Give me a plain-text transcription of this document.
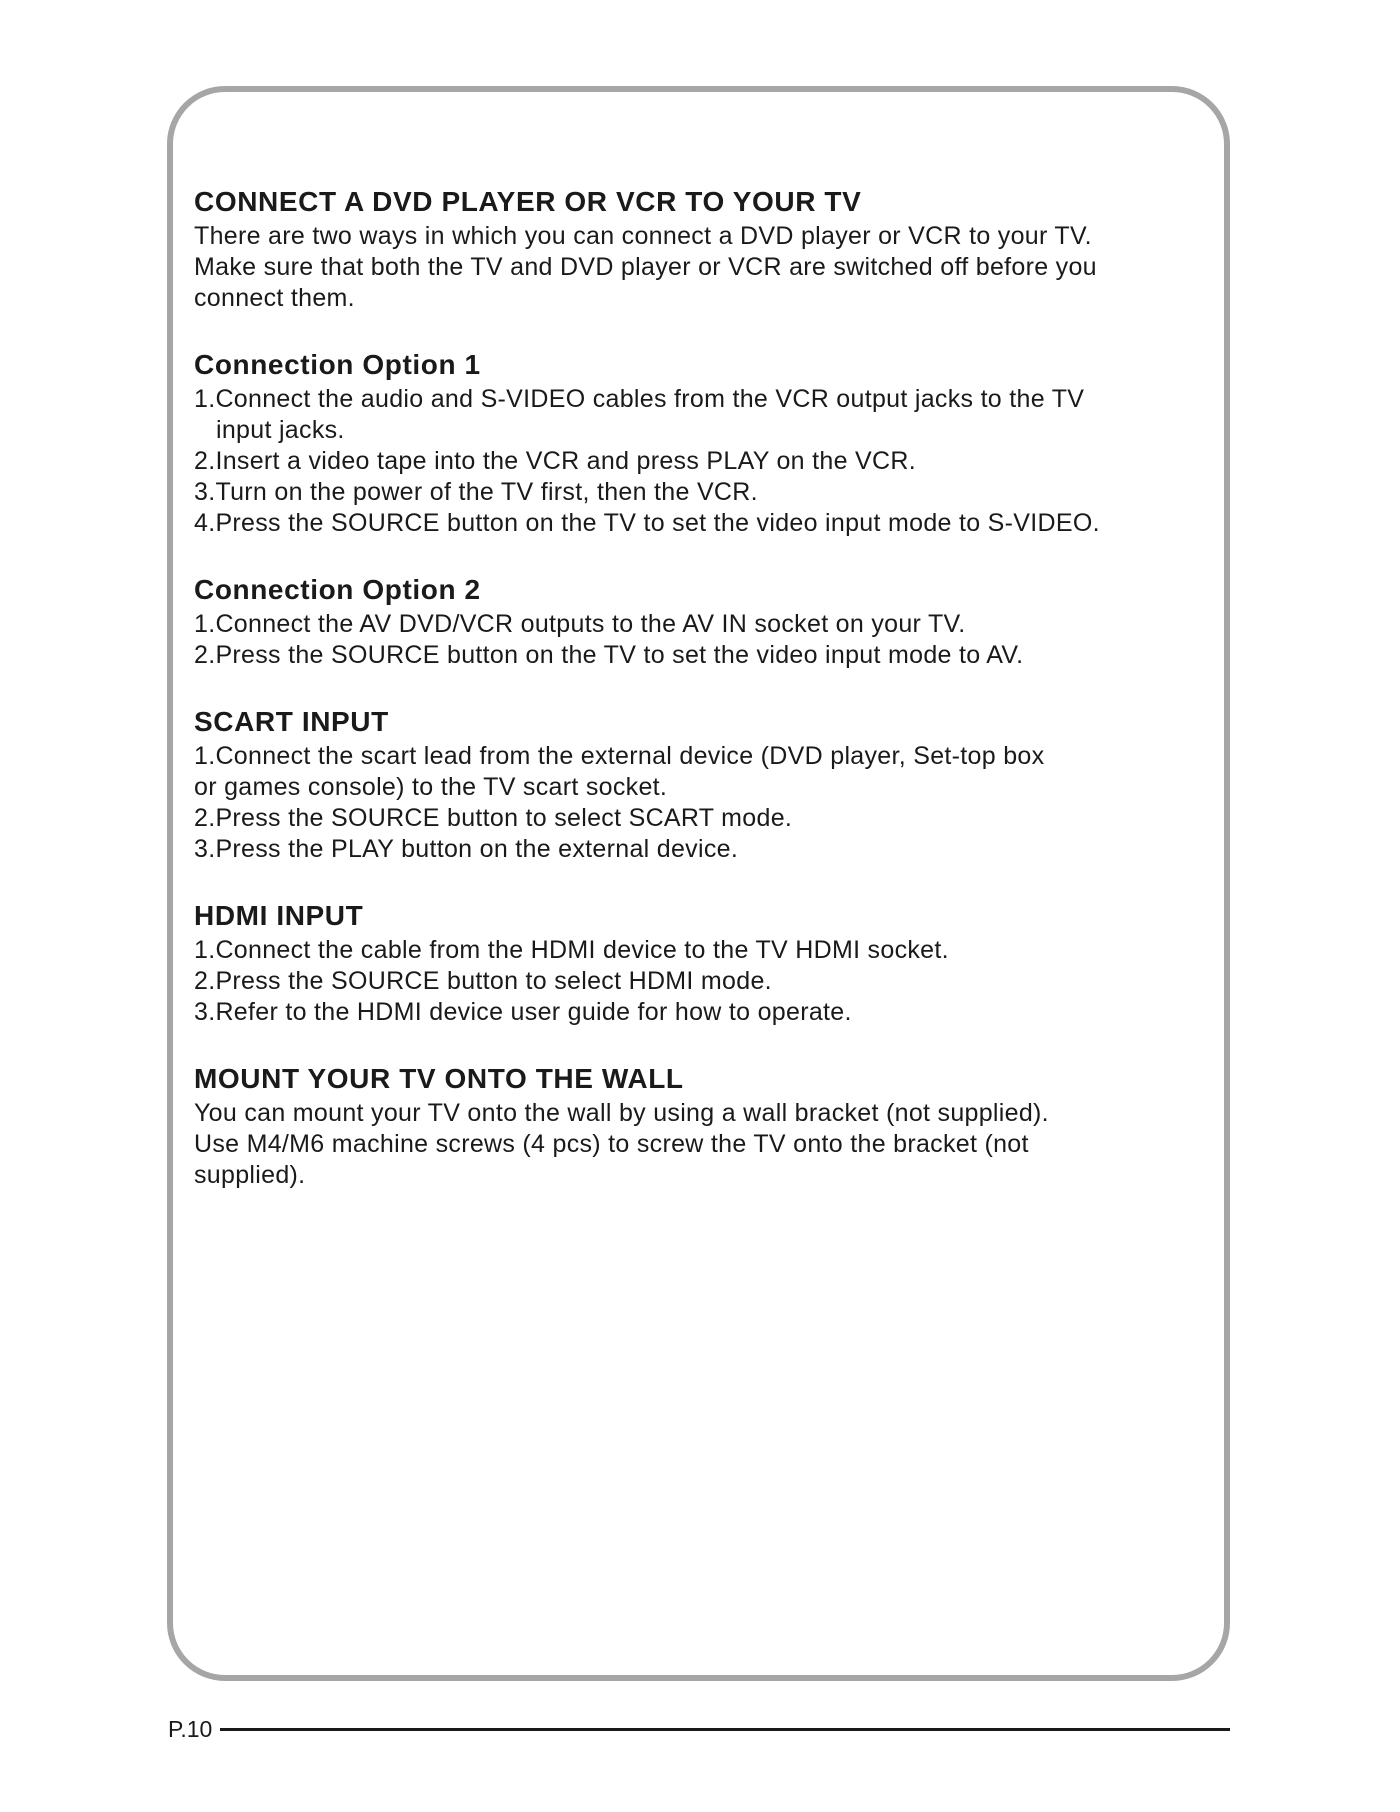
CONNECT A DVD PLAYER OR VCR TO YOUR TV

There are two ways in which you can connect a DVD player or VCR to your TV.

Make sure that both the TV and DVD player or VCR are switched off before you

connect them.

Connection Option 1

1.Connect the audio and S-VIDEO cables from the VCR output jacks to the TV

input jacks.

2.Insert a video tape into the VCR and press PLAY on the VCR.

3.Turn on the power of the TV first, then the VCR.

4.Press the SOURCE button on the TV to set the video input mode to S-VIDEO.

Connection Option 2

1.Connect the AV DVD/VCR outputs to the AV IN socket on your TV.

2.Press the SOURCE button on the TV to set the video input mode to AV.

SCART INPUT

1.Connect the scart lead from the external device (DVD player, Set-top box

or games console) to the TV scart socket.

2.Press the SOURCE button to select SCART mode.

3.Press the PLAY button on the external device.

HDMI INPUT

1.Connect the cable from the HDMI device to the TV HDMI socket.

2.Press the SOURCE button to select HDMI mode.

3.Refer to the HDMI device user guide for how to operate.

MOUNT YOUR TV ONTO THE WALL

You can mount your TV onto the wall by using a wall bracket (not supplied).

Use M4/M6 machine screws (4 pcs) to screw the TV onto the bracket (not

supplied).

P.10
